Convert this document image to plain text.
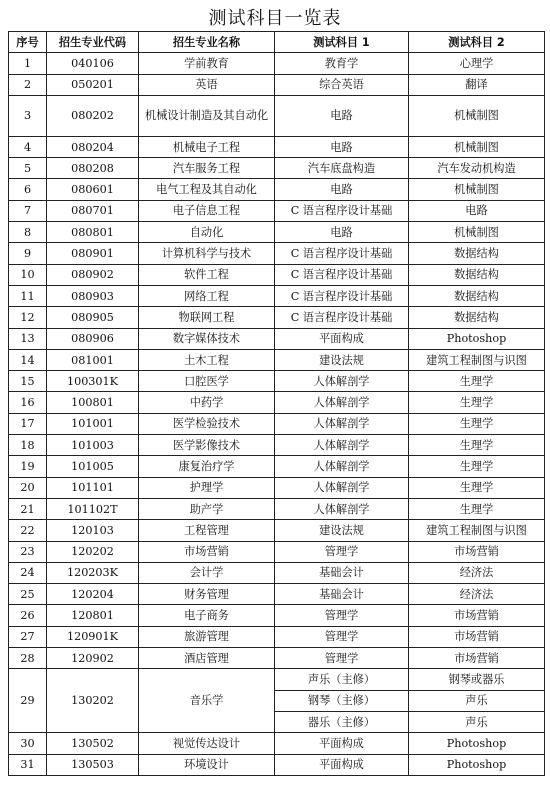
测试科目一览表
序号	招生专业代码	招生专业名称	测试科目 1	测试科目 2
1	040106	学前教育	教育学	心理学
2	050201	英语	综合英语	翻译
3	080202	机械设计制造及其自动化	电路	机械制图
4	080204	机械电子工程	电路	机械制图
5	080208	汽车服务工程	汽车底盘构造	汽车发动机构造
6	080601	电气工程及其自动化	电路	机械制图
7	080701	电子信息工程	C 语言程序设计基础	电路
8	080801	自动化	电路	机械制图
9	080901	计算机科学与技术	C 语言程序设计基础	数据结构
10	080902	软件工程	C 语言程序设计基础	数据结构
11	080903	网络工程	C 语言程序设计基础	数据结构
12	080905	物联网工程	C 语言程序设计基础	数据结构
13	080906	数字媒体技术	平面构成	Photoshop
14	081001	土木工程	建设法规	建筑工程制图与识图
15	100301K	口腔医学	人体解剖学	生理学
16	100801	中药学	人体解剖学	生理学
17	101001	医学检验技术	人体解剖学	生理学
18	101003	医学影像技术	人体解剖学	生理学
19	101005	康复治疗学	人体解剖学	生理学
20	101101	护理学	人体解剖学	生理学
21	101102T	助产学	人体解剖学	生理学
22	120103	工程管理	建设法规	建筑工程制图与识图
23	120202	市场营销	管理学	市场营销
24	120203K	会计学	基础会计	经济法
25	120204	财务管理	基础会计	经济法
26	120801	电子商务	管理学	市场营销
27	120901K	旅游管理	管理学	市场营销
28	120902	酒店管理	管理学	市场营销
29	130202	音乐学	声乐（主修）	钢琴或器乐
			钢琴（主修）	声乐
			器乐（主修）	声乐
30	130502	视觉传达设计	平面构成	Photoshop
31	130503	环境设计	平面构成	Photoshop
